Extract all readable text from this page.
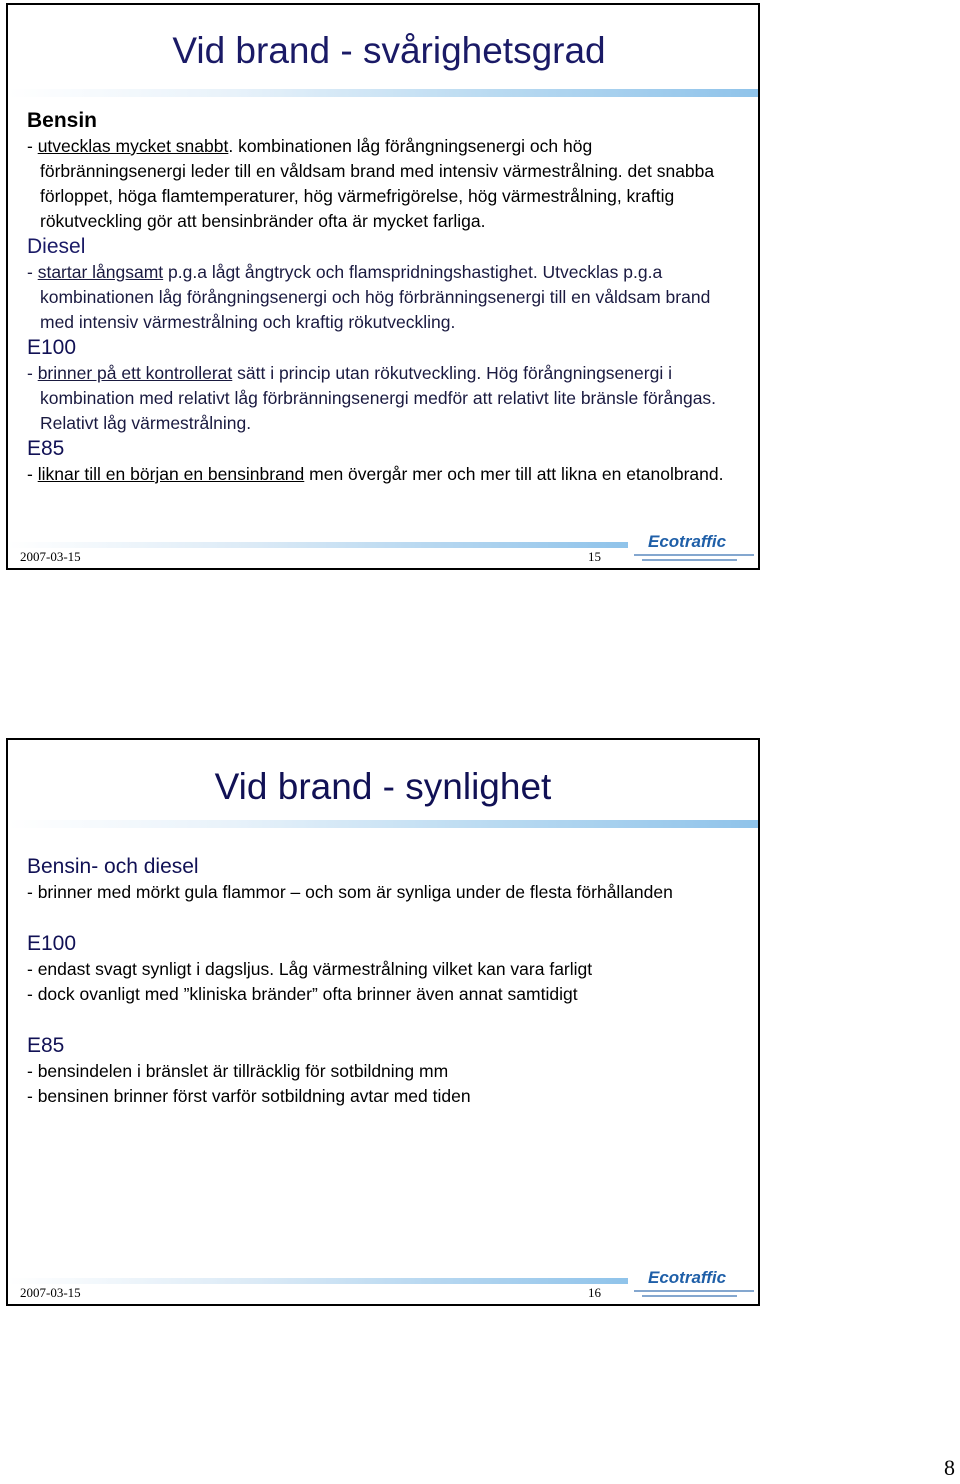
Vid brand - svårighetsgrad
Bensin
- utvecklas mycket snabbt. kombinationen låg förångningsenergi och hög förbränningsenergi leder till en våldsam brand med intensiv värmestrålning. det snabba förloppet, höga flamtemperaturer, hög värmefrigörelse, hög värmestrålning, kraftig rökutveckling gör att bensinbränder ofta är mycket farliga.
Diesel
- startar långsamt p.g.a lågt ångtryck och flamspridningshastighet. Utvecklas p.g.a kombinationen låg förångningsenergi och hög förbränningsenergi till en våldsam brand med intensiv värmestrålning och kraftig rökutveckling.
E100
- brinner på ett kontrollerat sätt i princip utan rökutveckling. Hög förångningsenergi i kombination med relativt låg förbränningsenergi medför att relativt lite bränsle förångas. Relativt låg värmestrålning.
E85
- liknar till en början en bensinbrand men övergår mer och mer till att likna en etanolbrand.
2007-03-15	15
Ecotraffic
Vid brand - synlighet
Bensin- och diesel
- brinner med mörkt gula flammor – och som är synliga under de flesta förhållanden
E100
- endast svagt synligt i dagsljus. Låg värmestrålning vilket kan vara farligt
- dock ovanligt med ”kliniska bränder” ofta brinner även annat samtidigt
E85
- bensindelen i bränslet är tillräcklig för sotbildning mm
- bensinen brinner först varför sotbildning avtar med tiden
2007-03-15	16
Ecotraffic
8
